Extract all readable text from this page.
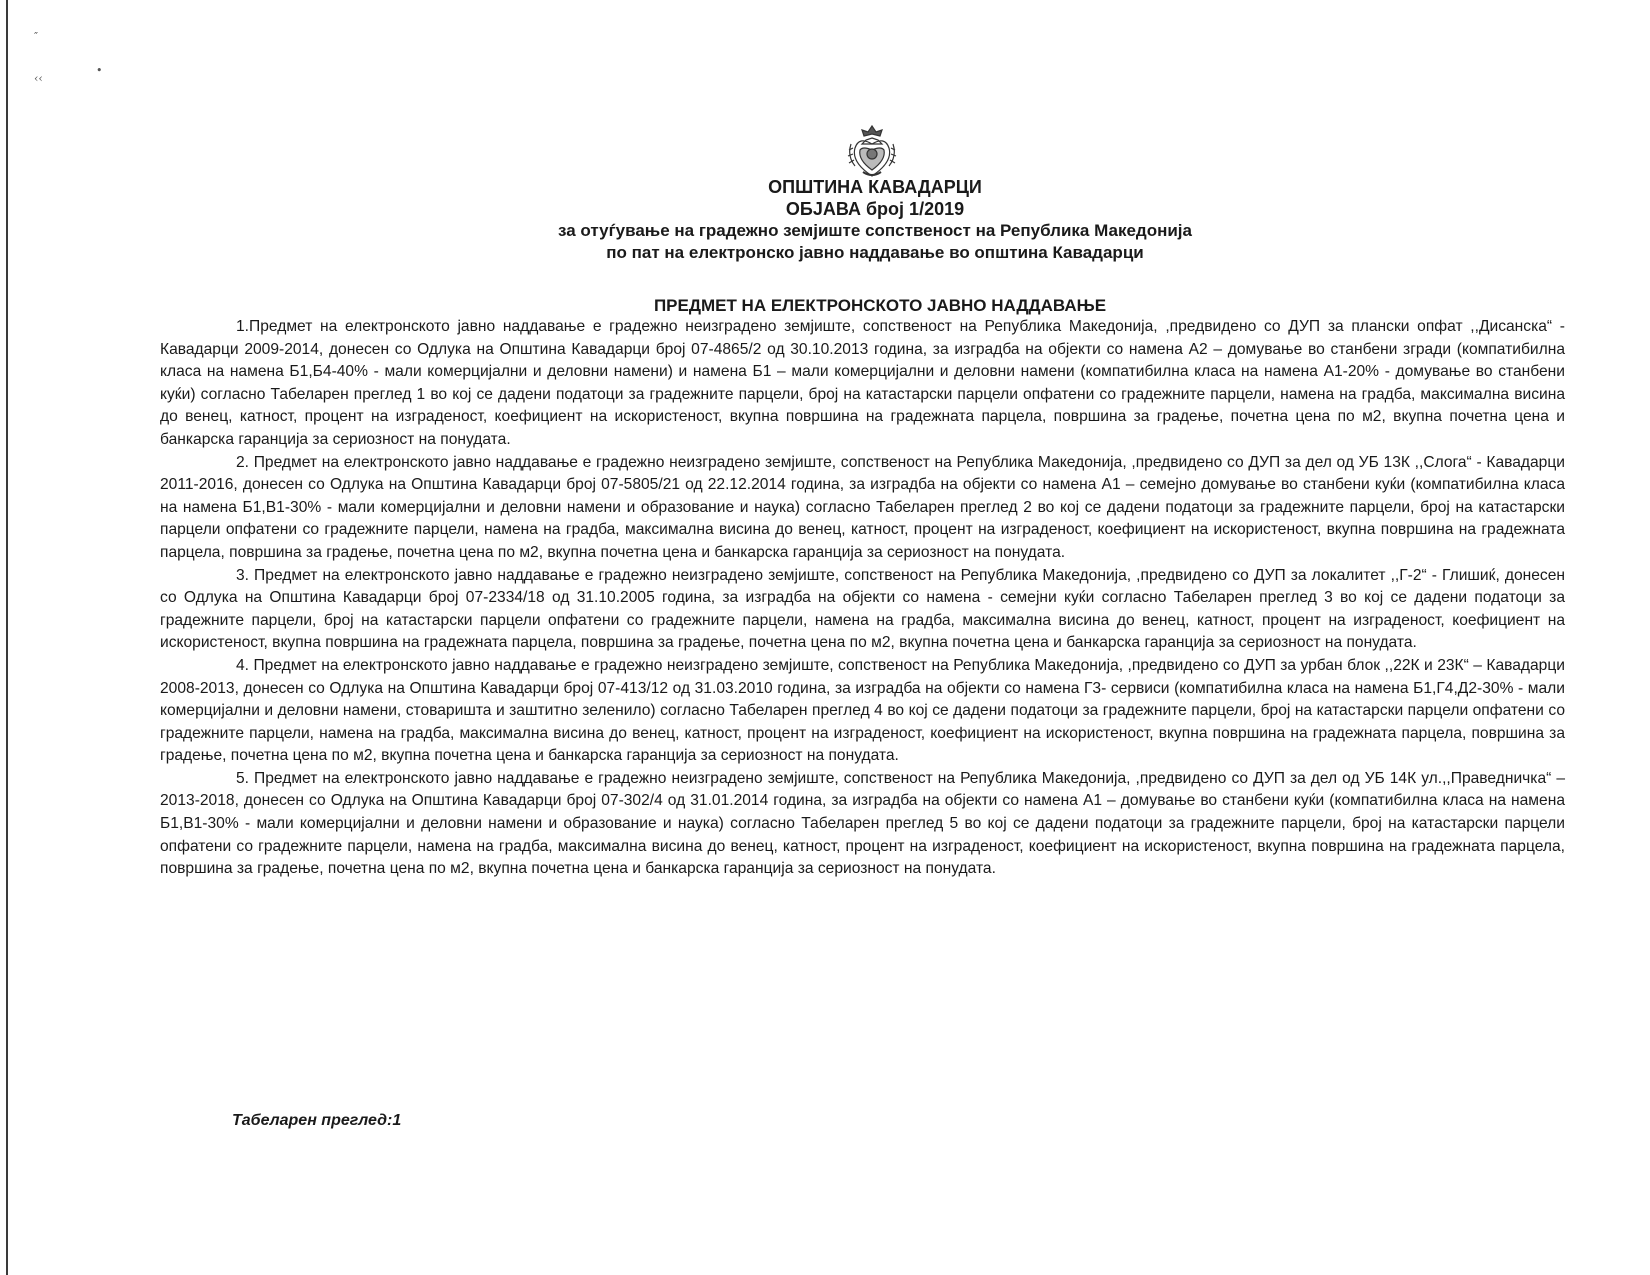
″
‹‹
•
ОПШТИНА КАВАДАРЦИ
ОБЈАВА број 1/2019
за отуѓување на градежно земјиште сопственост на Република Македонија
по пат на електронско јавно наддавање во општина Кавадарци
ПРЕДМЕТ НА ЕЛЕКТРОНСКОТО ЈАВНО НАДДАВАЊЕ

1.Предмет на електронското јавно наддавање е градежно неизградено земјиште, сопственост на Република Македонија, ,предвидено со ДУП за плански опфат ,,Дисанска“ - Кавадарци 2009-2014, донесен со Одлука на Општина Кавадарци број 07-4865/2 од 30.10.2013 година, за изградба на објекти со намена А2 – домување во станбени згради (компатибилна класа на намена Б1,Б4-40% - мали комерцијални и деловни намени) и намена Б1 – мали комерцијални и деловни намени (компатибилна класа на намена А1-20% - домување во станбени куќи) согласно Табеларен преглед 1 во кој се дадени податоци за градежните парцели, број на катастарски парцели опфатени со градежните парцели, намена на градба, максимална висина до венец, катност, процент на изграденост, коефициент на искористеност, вкупна површина на градежната парцела, површина за градење, почетна цена по м2, вкупна почетна цена и банкарска гаранција за сериозност на понудата.

2. Предмет на електронското јавно наддавање е градежно неизградено земјиште, сопственост на Република Македонија, ,предвидено со ДУП за дел од УБ 13К ,,Слога“ - Кавадарци 2011-2016, донесен со Одлука на Општина Кавадарци број 07-5805/21 од 22.12.2014 година, за изградба на објекти со намена А1 – семејно домување во станбени куќи (компатибилна класа на намена Б1,В1-30% - мали комерцијални и деловни намени и образование и наука) согласно Табеларен преглед 2 во кој се дадени податоци за градежните парцели, број на катастарски парцели опфатени со градежните парцели, намена на градба, максимална висина до венец, катност, процент на изграденост, коефициент на искористеност, вкупна површина на градежната парцела, површина за градење, почетна цена по м2, вкупна почетна цена и банкарска гаранција за сериозност на понудата.

3. Предмет на електронското јавно наддавање е градежно неизградено земјиште, сопственост на Република Македонија, ,предвидено со ДУП за локалитет ,,Г-2“ - Глишиќ, донесен со Одлука на Општина Кавадарци број 07-2334/18 од 31.10.2005 година, за изградба на објекти со намена - семејни куќи согласно Табеларен преглед 3 во кој се дадени податоци за градежните парцели, број на катастарски парцели опфатени со градежните парцели, намена на градба, максимална висина до венец, катност, процент на изграденост, коефициент на искористеност, вкупна површина на градежната парцела, површина за градење, почетна цена по м2, вкупна почетна цена и банкарска гаранција за сериозност на понудата.

4. Предмет на електронското јавно наддавање е градежно неизградено земјиште, сопственост на Република Македонија, ,предвидено со ДУП за урбан блок ,,22К и 23К“ – Кавадарци 2008-2013, донесен со Одлука на Општина Кавадарци број 07-413/12 од 31.03.2010 година, за изградба на објекти со намена Г3- сервиси (компатибилна класа на намена Б1,Г4,Д2-30% - мали комерцијални и деловни намени, стоваришта и заштитно зеленило) согласно Табеларен преглед 4 во кој се дадени податоци за градежните парцели, број на катастарски парцели опфатени со градежните парцели, намена на градба, максимална висина до венец, катност, процент на изграденост, коефициент на искористеност, вкупна површина на градежната парцела, површина за градење, почетна цена по м2, вкупна почетна цена и банкарска гаранција за сериозност на понудата.

5. Предмет на електронското јавно наддавање е градежно неизградено земјиште, сопственост на Република Македонија, ,предвидено со ДУП за дел од УБ 14К ул.,,Праведничка“ – 2013-2018, донесен со Одлука на Општина Кавадарци број 07-302/4 од 31.01.2014 година, за изградба на објекти со намена А1 – домување во станбени куќи (компатибилна класа на намена Б1,В1-30% - мали комерцијални и деловни намени и образование и наука) согласно Табеларен преглед 5 во кој се дадени податоци за градежните парцели, број на катастарски парцели опфатени со градежните парцели, намена на градба, максимална висина до венец, катност, процент на изграденост, коефициент на искористеност, вкупна површина на градежната парцела, површина за градење, почетна цена по м2, вкупна почетна цена и банкарска гаранција за сериозност на понудата.

Табеларен преглед:1
